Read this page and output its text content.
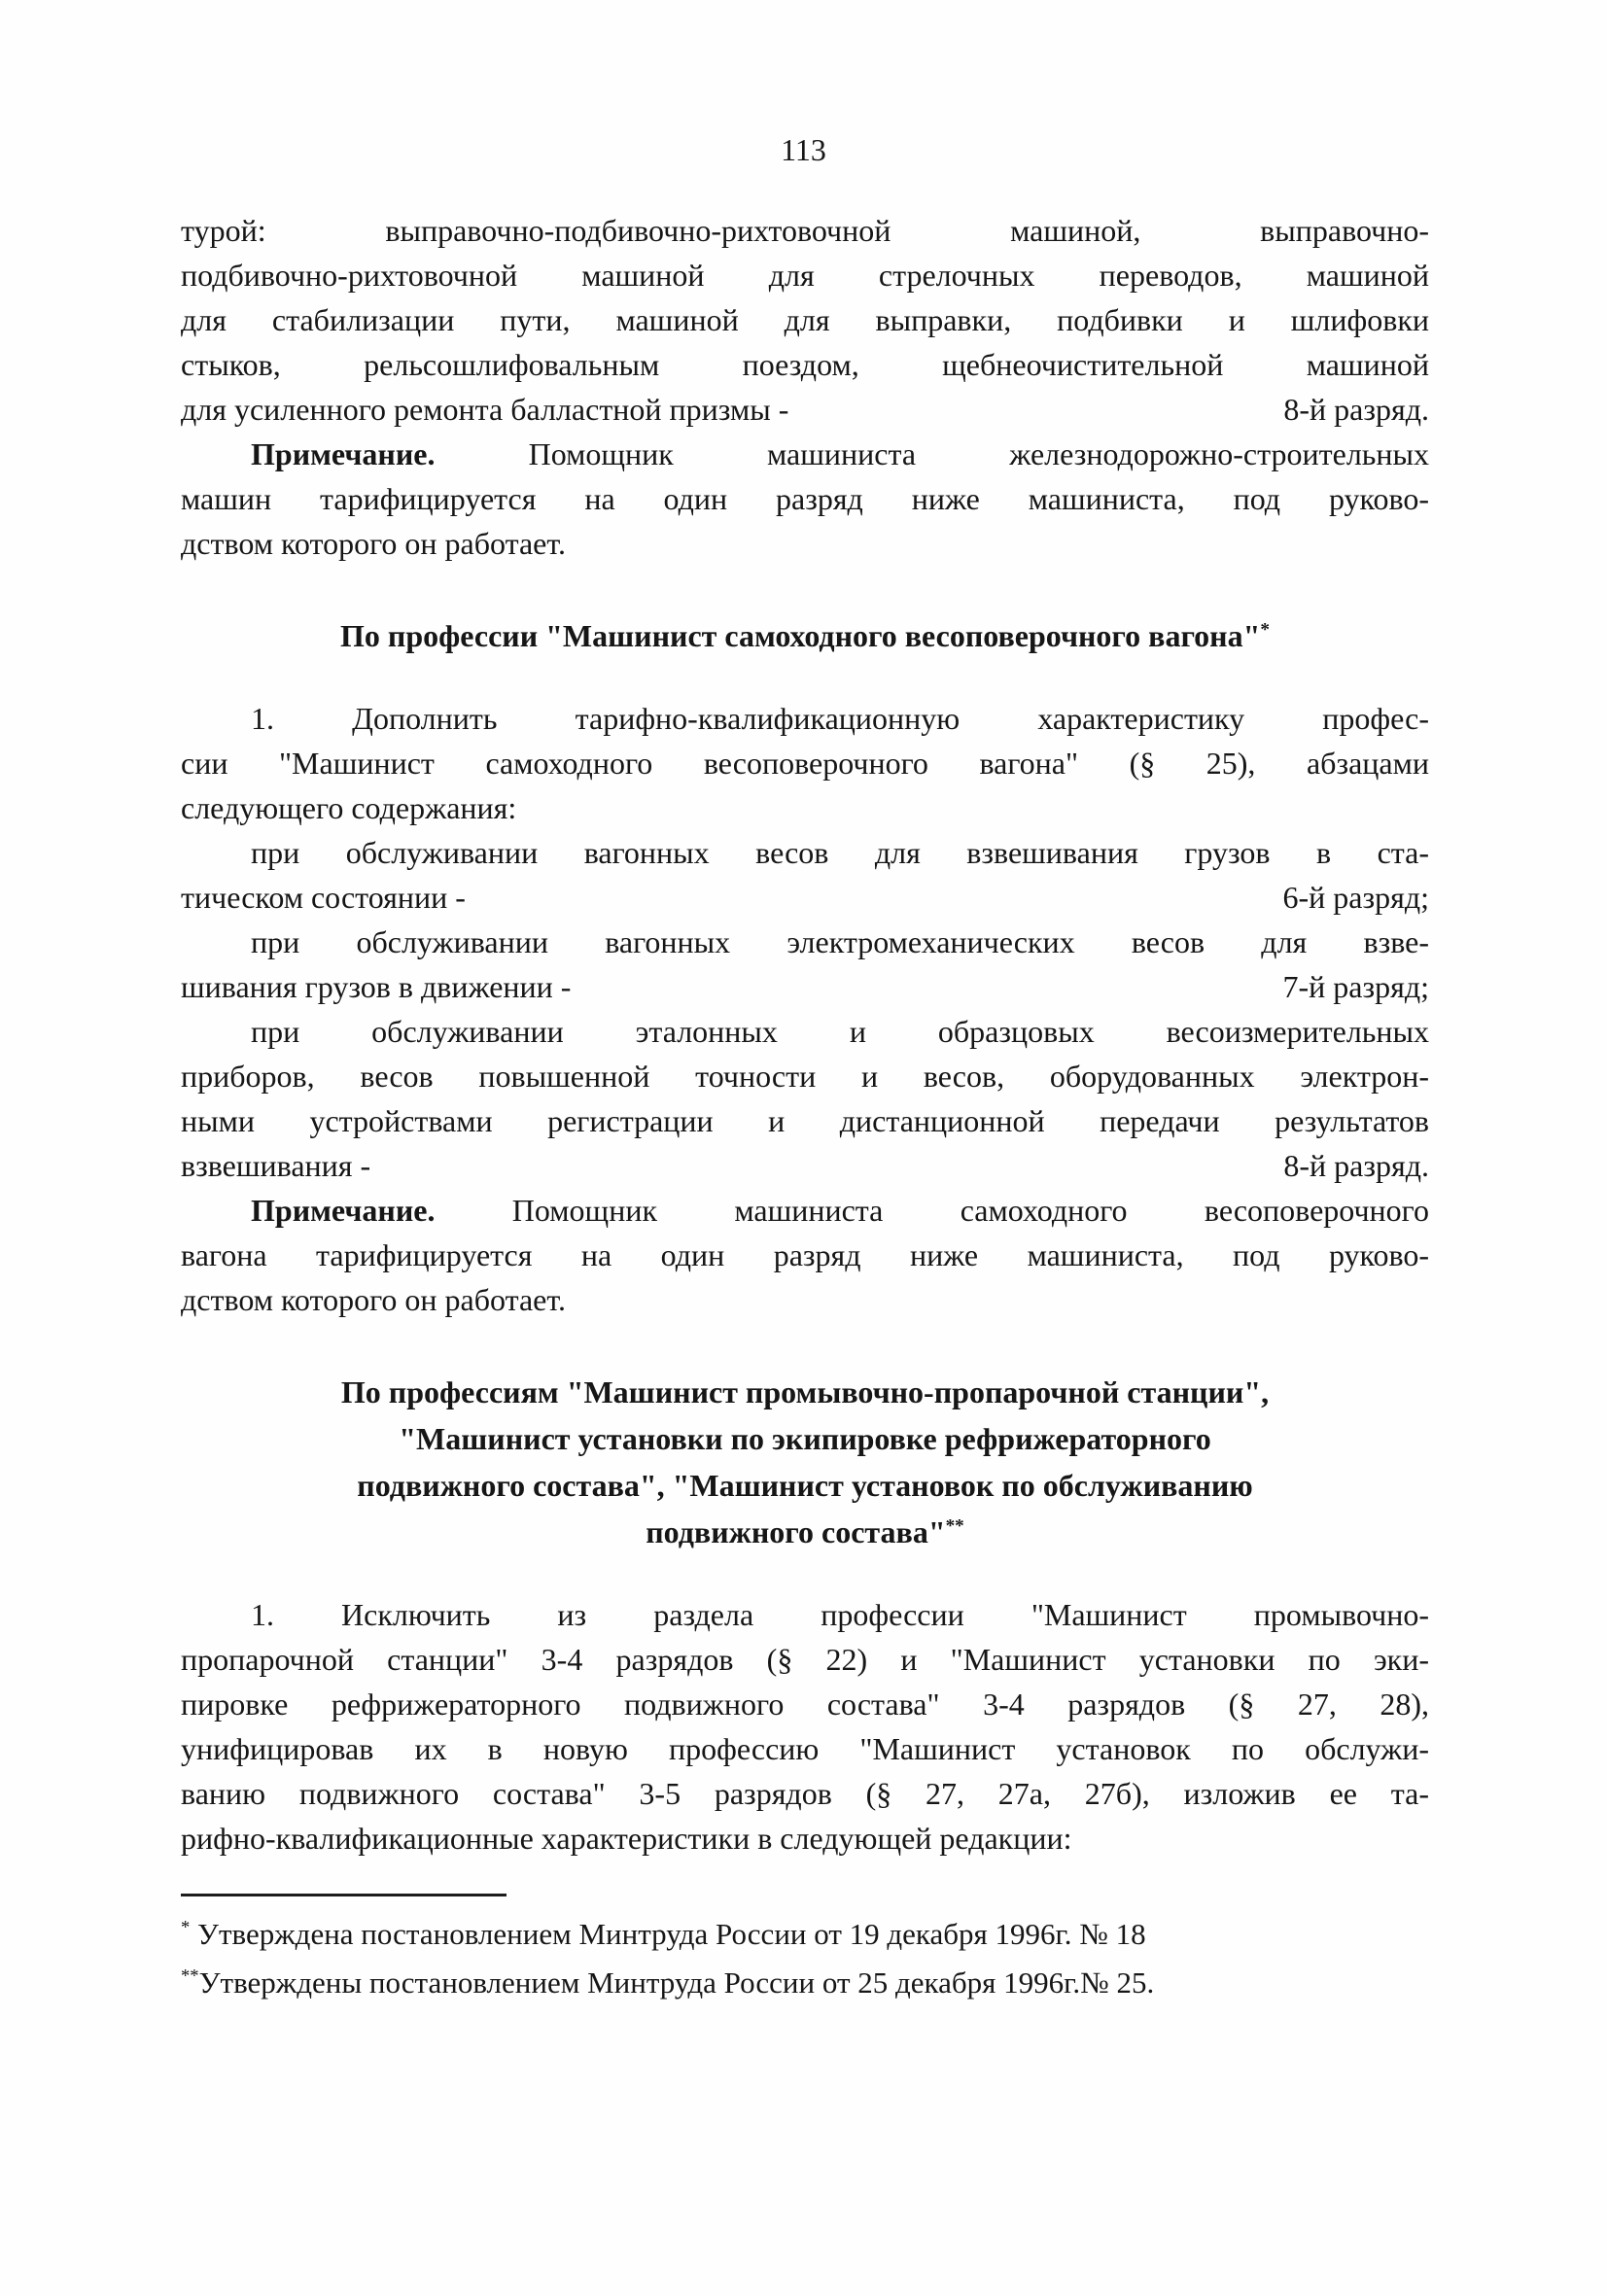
113

турой: выправочно-подбивочно-рихтовочной машиной, выправочно-
подбивочно-рихтовочной машиной для стрелочных переводов, машиной
для стабилизации пути, машиной для выправки, подбивки и шлифовки
стыков, рельсошлифовальным поездом, щебнеочистительной машиной
для усиленного ремонта балластной призмы -	8-й разряд.

Примечание. Помощник машиниста железнодорожно-строительных
машин тарифицируется на один разряд ниже машиниста, под руково-
дством которого он работает.

По профессии "Машинист самоходного весоповерочного вагона"*

1. Дополнить тарифно-квалификационную характеристику профес-
сии "Машинист самоходного весоповерочного вагона" (§ 25), абзацами
следующего содержания:

при обслуживании вагонных весов для взвешивания грузов в ста-
тическом состоянии -	6-й разряд;

при обслуживании вагонных электромеханических весов для взве-
шивания грузов в движении -	7-й разряд;

при обслуживании эталонных и образцовых весоизмерительных
приборов, весов повышенной точности и весов, оборудованных электрон-
ными устройствами регистрации и дистанционной передачи результатов
взвешивания -	8-й разряд.

Примечание. Помощник машиниста самоходного весоповерочного
вагона тарифицируется на один разряд ниже машиниста, под руково-
дством которого он работает.

По профессиям "Машинист промывочно-пропарочной станции",
"Машинист установки по экипировке рефрижераторного
подвижного состава", "Машинист установок по обслуживанию
подвижного состава"**

1. Исключить из раздела профессии "Машинист промывочно-
пропарочной станции" 3-4 разрядов (§ 22) и "Машинист установки по эки-
пировке рефрижераторного подвижного состава" 3-4 разрядов (§ 27, 28),
унифицировав их в новую профессию "Машинист установок по обслужи-
ванию подвижного состава" 3-5 разрядов (§ 27, 27а, 27б), изложив ее та-
рифно-квалификационные характеристики в следующей редакции:

* Утверждена постановлением Минтруда России от 19 декабря 1996г. № 18
**Утверждены постановлением Минтруда России от 25 декабря 1996г.№ 25.
